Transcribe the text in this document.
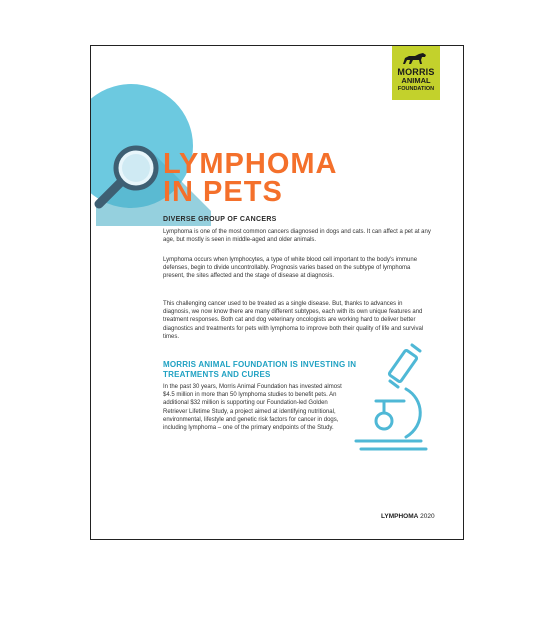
MORRIS
ANIMAL
FOUNDATION
LYMPHOMA
IN PETS
DIVERSE GROUP OF CANCERS
Lymphoma is one of the most common cancers diagnosed in dogs and cats. It can affect a pet at any age, but mostly is seen in middle-aged and older animals.
Lymphoma occurs when lymphocytes, a type of white blood cell important to the body's immune defenses, begin to divide uncontrollably. Prognosis varies based on the subtype of lymphoma present, the sites affected and the stage of disease at diagnosis.
This challenging cancer used to be treated as a single disease. But, thanks to advances in diagnosis, we now know there are many different subtypes, each with its own unique features and treatment responses. Both cat and dog veterinary oncologists are working hard to deliver better diagnostics and treatments for pets with lymphoma to improve both their quality of life and survival times.
MORRIS ANIMAL FOUNDATION IS INVESTING IN TREATMENTS AND CURES
In the past 30 years, Morris Animal Foundation has invested almost $4.5 million in more than 50 lymphoma studies to benefit pets. An additional $32 million is supporting our Foundation-led Golden Retriever Lifetime Study, a project aimed at identifying nutritional, environmental, lifestyle and genetic risk factors for cancer in dogs, including lymphoma – one of the primary endpoints of the Study.
LYMPHOMA 2020
